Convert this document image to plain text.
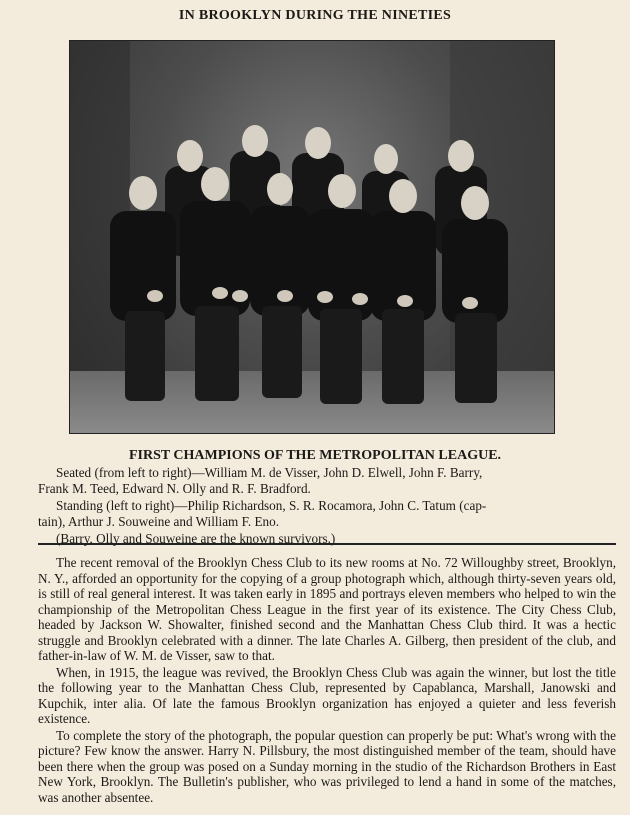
IN BROOKLYN DURING THE NINETIES
FIRST CHAMPIONS OF THE METROPOLITAN LEAGUE.

Seated (from left to right)—William M. de Visser, John D. Elwell, John F. Barry,

Frank M. Teed, Edward N. Olly and R. F. Bradford.

Standing (left to right)—Philip Richardson, S. R. Rocamora, John C. Tatum (cap-

tain), Arthur J. Souweine and William F. Eno.

(Barry, Olly and Souweine are the known survivors.)

The recent removal of the Brooklyn Chess Club to its new rooms at No. 72 Willoughby street, Brooklyn, N. Y., afforded an opportunity for the copying of a group photograph which, although thirty-seven years old, is still of real general interest. It was taken early in 1895 and portrays eleven members who helped to win the championship of the Metropolitan Chess League in the first year of its existence. The City Chess Club, headed by Jackson W. Showalter, finished second and the Manhattan Chess Club third. It was a hectic struggle and Brooklyn celebrated with a dinner. The late Charles A. Gilberg, then president of the club, and father-in-law of W. M. de Visser, saw to that.

When, in 1915, the league was revived, the Brooklyn Chess Club was again the winner, but lost the title the following year to the Manhattan Chess Club, represented by Capablanca, Marshall, Janowski and Kupchik, inter alia. Of late the famous Brooklyn organization has enjoyed a quieter and less feverish existence.

To complete the story of the photograph, the popular question can properly be put: What's wrong with the picture? Few know the answer. Harry N. Pillsbury, the most distinguished member of the team, should have been there when the group was posed on a Sunday morning in the studio of the Richardson Brothers in East New York, Brooklyn. The Bulletin's publisher, who was privileged to lend a hand in some of the matches, was another absentee.
